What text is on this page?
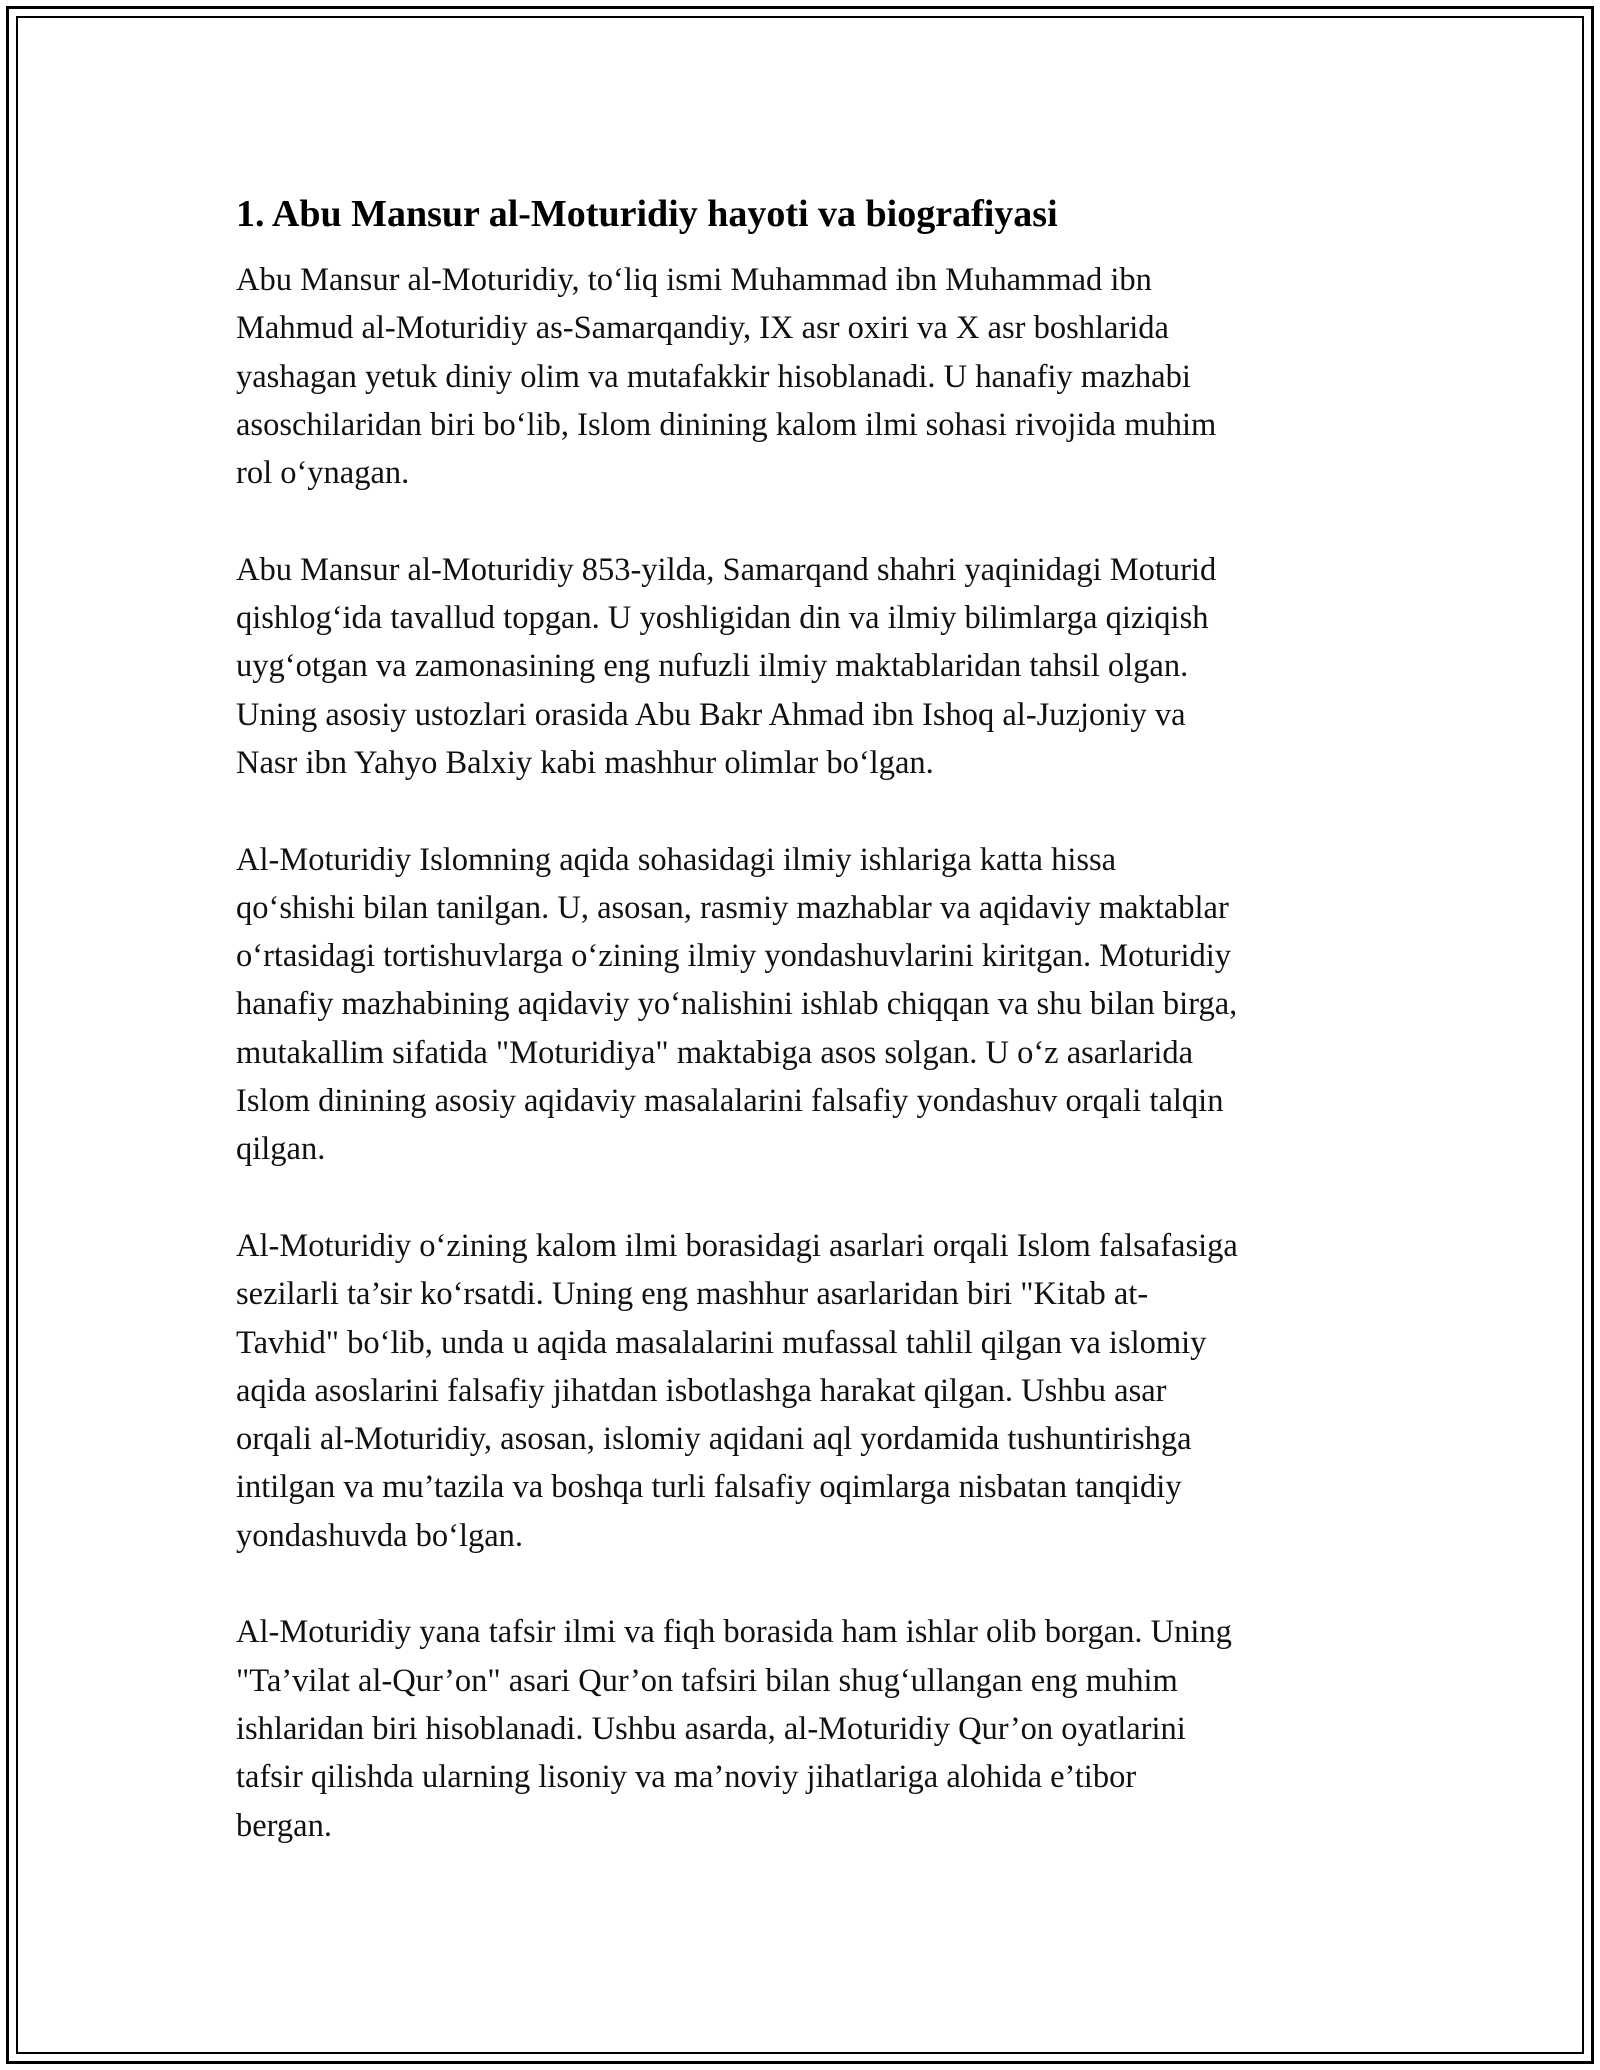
1. Abu Mansur al-Moturidiy hayoti va biografiyasi
Abu Mansur al-Moturidiy, to‘liq ismi Muhammad ibn Muhammad ibn
Mahmud al-Moturidiy as-Samarqandiy, IX asr oxiri va X asr boshlarida
yashagan yetuk diniy olim va mutafakkir hisoblanadi. U hanafiy mazhabi
asoschilaridan biri bo‘lib, Islom dinining kalom ilmi sohasi rivojida muhim
rol o‘ynagan.
Abu Mansur al-Moturidiy 853-yilda, Samarqand shahri yaqinidagi Moturid
qishlog‘ida tavallud topgan. U yoshligidan din va ilmiy bilimlarga qiziqish
uyg‘otgan va zamonasining eng nufuzli ilmiy maktablaridan tahsil olgan.
Uning asosiy ustozlari orasida Abu Bakr Ahmad ibn Ishoq al-Juzjoniy va
Nasr ibn Yahyo Balxiy kabi mashhur olimlar bo‘lgan.
Al-Moturidiy Islomning aqida sohasidagi ilmiy ishlariga katta hissa
qo‘shishi bilan tanilgan. U, asosan, rasmiy mazhablar va aqidaviy maktablar
o‘rtasidagi tortishuvlarga o‘zining ilmiy yondashuvlarini kiritgan. Moturidiy
hanafiy mazhabining aqidaviy yo‘nalishini ishlab chiqqan va shu bilan birga,
mutakallim sifatida "Moturidiya" maktabiga asos solgan. U o‘z asarlarida
Islom dinining asosiy aqidaviy masalalarini falsafiy yondashuv orqali talqin
qilgan.
Al-Moturidiy o‘zining kalom ilmi borasidagi asarlari orqali Islom falsafasiga
sezilarli ta’sir ko‘rsatdi. Uning eng mashhur asarlaridan biri "Kitab at-
Tavhid" bo‘lib, unda u aqida masalalarini mufassal tahlil qilgan va islomiy
aqida asoslarini falsafiy jihatdan isbotlashga harakat qilgan. Ushbu asar
orqali al-Moturidiy, asosan, islomiy aqidani aql yordamida tushuntirishga
intilgan va mu’tazila va boshqa turli falsafiy oqimlarga nisbatan tanqidiy
yondashuvda bo‘lgan.
Al-Moturidiy yana tafsir ilmi va fiqh borasida ham ishlar olib borgan. Uning
"Ta’vilat al-Qur’on" asari Qur’on tafsiri bilan shug‘ullangan eng muhim
ishlaridan biri hisoblanadi. Ushbu asarda, al-Moturidiy Qur’on oyatlarini
tafsir qilishda ularning lisoniy va ma’noviy jihatlariga alohida e’tibor
bergan.
